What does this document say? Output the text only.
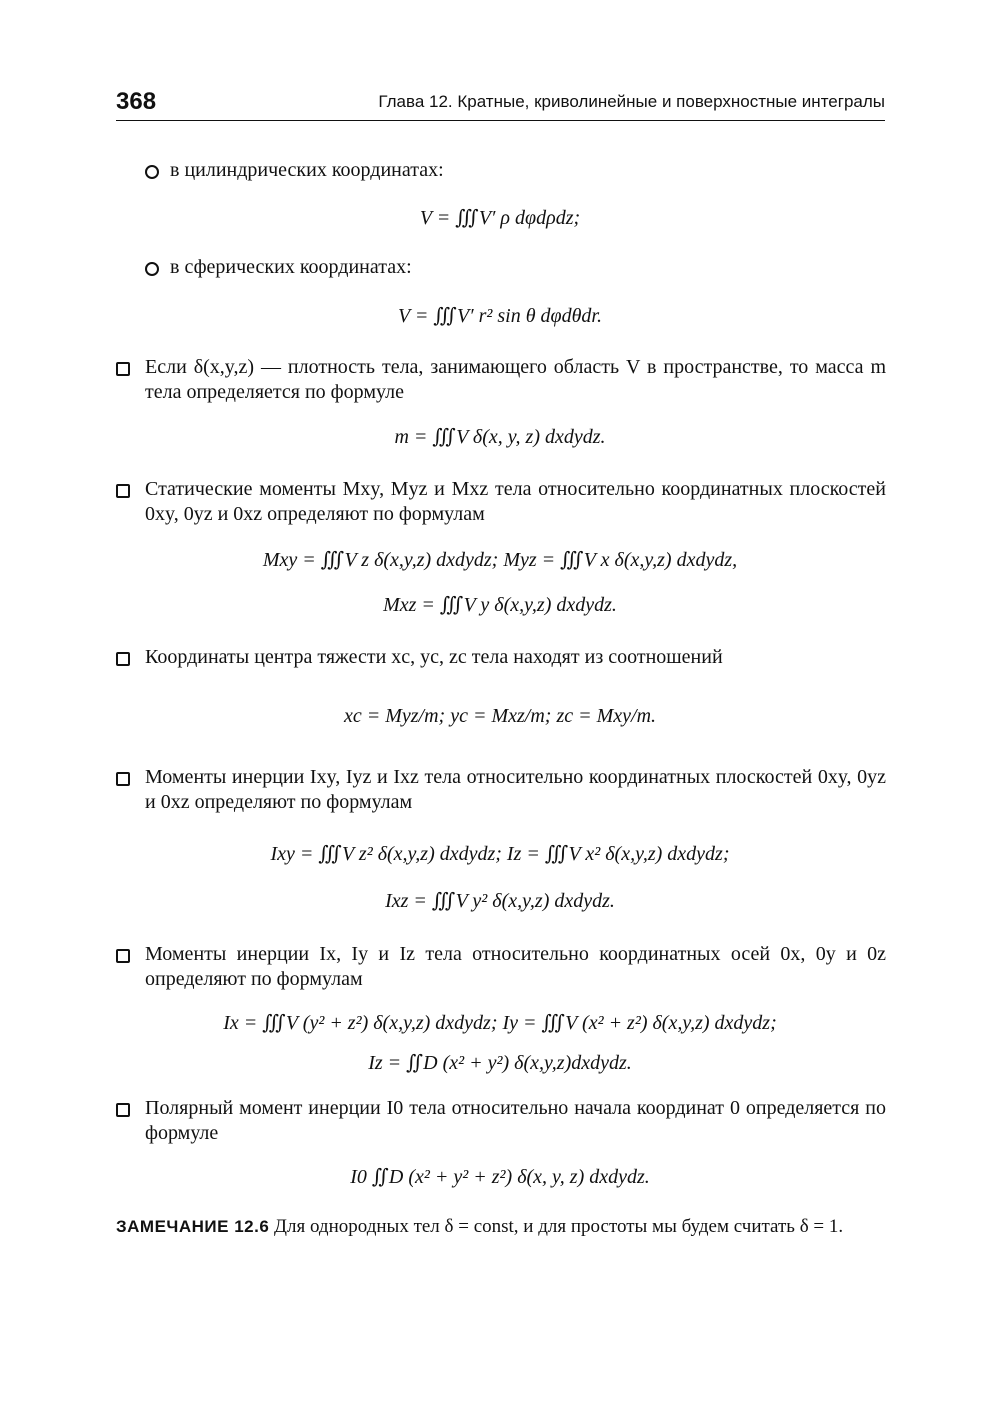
368	Глава 12. Кратные, криволинейные и поверхностные интегралы
в цилиндрических координатах:
V = ∭V′ ρ dφdρdz;
в сферических координатах:
V = ∭V′ r² sin θ dφdθdr.
Если δ(x,y,z) — плотность тела, занимающего область V в пространстве, то масса m тела определяется по формуле
m = ∭V δ(x, y, z) dxdydz.
Статические моменты Mxy, Myz и Mxz тела относительно координатных плоскостей 0xy, 0yz и 0xz определяют по формулам
Mxy = ∭V z δ(x,y,z) dxdydz; Myz = ∭V x δ(x,y,z) dxdydz,
Mxz = ∭V y δ(x,y,z) dxdydz.
Координаты центра тяжести xc, yc, zc тела находят из соотношений
xc = Myz/m; yc = Mxz/m; zc = Mxy/m.
Моменты инерции Ixy, Iyz и Ixz тела относительно координатных плоскостей 0xy, 0yz и 0xz определяют по формулам
Ixy = ∭V z² δ(x,y,z) dxdydz; Iz = ∭V x² δ(x,y,z) dxdydz;
Ixz = ∭V y² δ(x,y,z) dxdydz.
Моменты инерции Ix, Iy и Iz тела относительно координатных осей 0x, 0y и 0z определяют по формулам
Ix = ∭V (y² + z²) δ(x,y,z) dxdydz; Iy = ∭V (x² + z²) δ(x,y,z) dxdydz;
Iz = ∬D (x² + y²) δ(x,y,z)dxdydz.
Полярный момент инерции I0 тела относительно начала координат 0 определяется по формуле
I0 ∬D (x² + y² + z²) δ(x, y, z) dxdydz.
ЗАМЕЧАНИЕ 12.6 Для однородных тел δ = const, и для простоты мы будем считать δ = 1.
